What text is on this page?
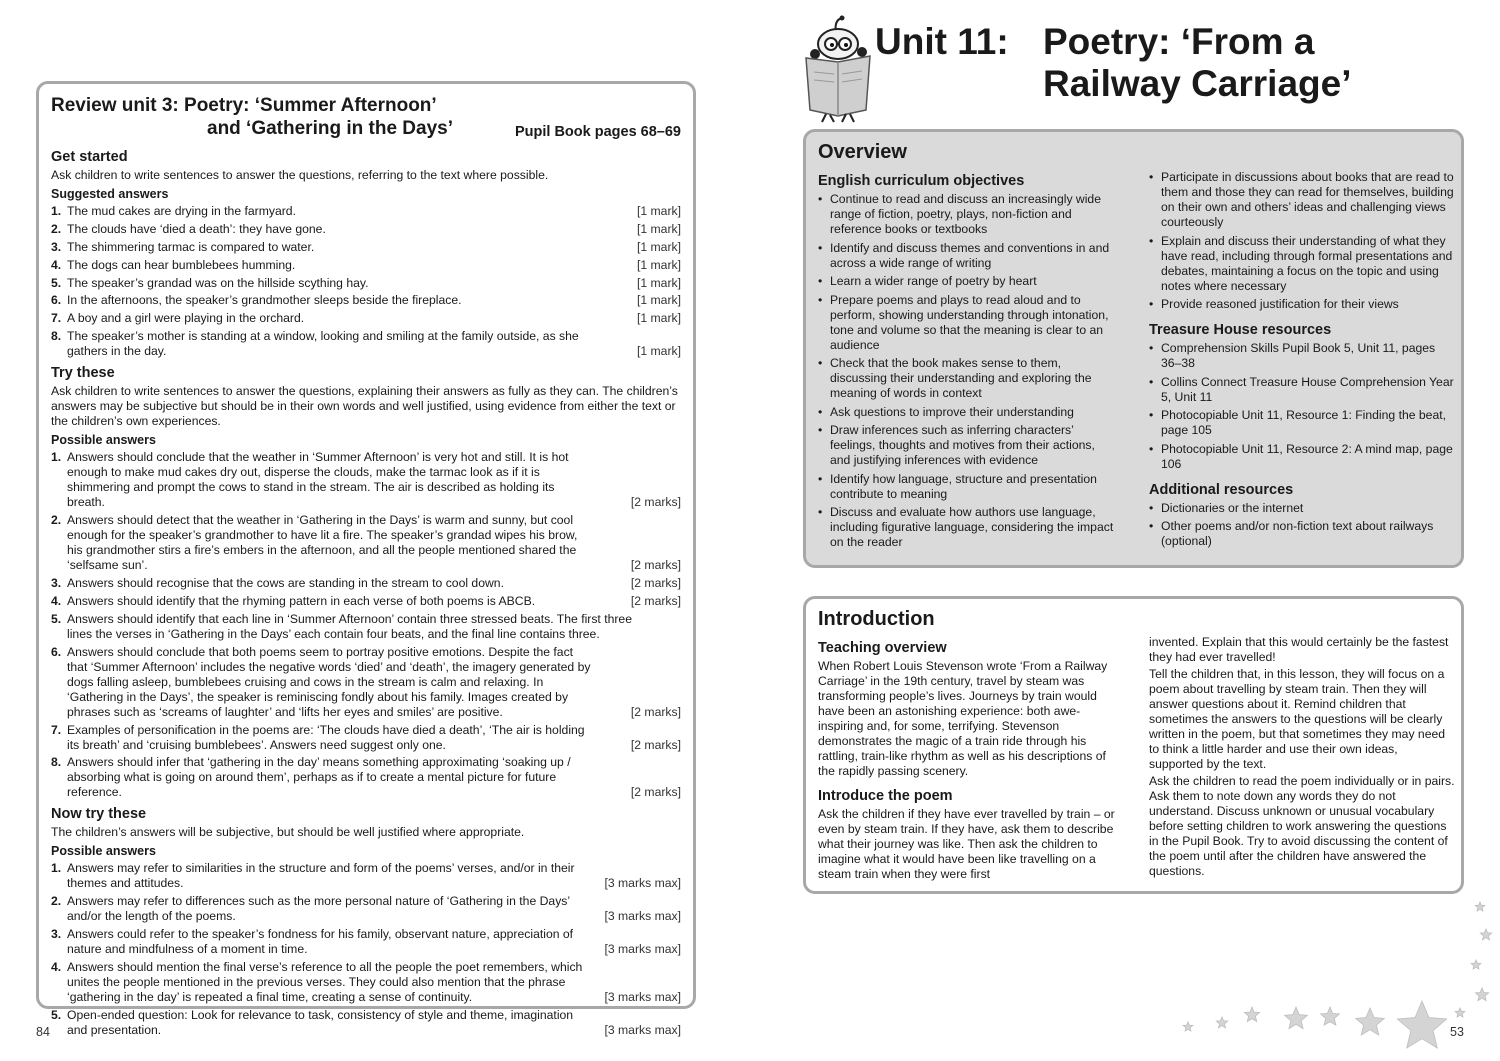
Review unit 3: Poetry: ‘Summer Afternoon’
and ‘Gathering in the Days’	Pupil Book pages 68–69
Get started

Ask children to write sentences to answer the questions, referring to the text where possible.

Suggested answers
1. The mud cakes are drying in the farmyard.	[1 mark]
2. The clouds have ‘died a death’: they have gone.	[1 mark]
3. The shimmering tarmac is compared to water.	[1 mark]
4. The dogs can hear bumblebees humming.	[1 mark]
5. The speaker’s grandad was on the hillside scything hay.	[1 mark]
6. In the afternoons, the speaker’s grandmother sleeps beside the fireplace.	[1 mark]
7. A boy and a girl were playing in the orchard.	[1 mark]
8. The speaker’s mother is standing at a window, looking and smiling at the family outside, as she gathers in the day.	[1 mark]
Try these

Ask children to write sentences to answer the questions, explaining their answers as fully as they can. The children’s answers may be subjective but should be in their own words and well justified, using evidence from either the text or the children’s own experiences.

Possible answers
1. Answers should conclude that the weather in ‘Summer Afternoon’ is very hot and still. It is hot enough to make mud cakes dry out, disperse the clouds, make the tarmac look as if it is shimmering and prompt the cows to stand in the stream. The air is described as holding its breath.	[2 marks]
2. Answers should detect that the weather in ‘Gathering in the Days’ is warm and sunny, but cool enough for the speaker’s grandmother to have lit a fire. The speaker’s grandad wipes his brow, his grandmother stirs a fire’s embers in the afternoon, and all the people mentioned shared the ‘selfsame sun’.	[2 marks]
3. Answers should recognise that the cows are standing in the stream to cool down.	[2 marks]
4. Answers should identify that the rhyming pattern in each verse of both poems is ABCB.	[2 marks]
5. Answers should identify that each line in ‘Summer Afternoon’ contain three stressed beats. The first three lines the verses in ‘Gathering in the Days’ each contain four beats, and the final line contains three.
6. Answers should conclude that both poems seem to portray positive emotions. Despite the fact that ‘Summer Afternoon’ includes the negative words ‘died’ and ‘death’, the imagery generated by dogs falling asleep, bumblebees cruising and cows in the stream is calm and relaxing. In ‘Gathering in the Days’, the speaker is reminiscing fondly about his family. Images created by phrases such as ‘screams of laughter’ and ‘lifts her eyes and smiles’ are positive.	[2 marks]
7. Examples of personification in the poems are: ‘The clouds have died a death’, ‘The air is holding its breath’ and ‘cruising bumblebees’. Answers need suggest only one.	[2 marks]
8. Answers should infer that ‘gathering in the day’ means something approximating ‘soaking up / absorbing what is going on around them’, perhaps as if to create a mental picture for future reference.	[2 marks]
Now try these

The children’s answers will be subjective, but should be well justified where appropriate.

Possible answers
1. Answers may refer to similarities in the structure and form of the poems’ verses, and/or in their themes and attitudes.	[3 marks max]
2. Answers may refer to differences such as the more personal nature of ‘Gathering in the Days’ and/or the length of the poems.	[3 marks max]
3. Answers could refer to the speaker’s fondness for his family, observant nature, appreciation of nature and mindfulness of a moment in time.	[3 marks max]
4. Answers should mention the final verse’s reference to all the people the poet remembers, which unites the people mentioned in the previous verses. They could also mention that the phrase ‘gathering in the day’ is repeated a final time, creating a sense of continuity.	[3 marks max]
5. Open-ended question: Look for relevance to task, consistency of style and theme, imagination and presentation.	[3 marks max]
84
Unit 11: Poetry: ‘From a
Railway Carriage’
Overview
English curriculum objectives
• Continue to read and discuss an increasingly wide range of fiction, poetry, plays, non-fiction and reference books or textbooks
• Identify and discuss themes and conventions in and across a wide range of writing
• Learn a wider range of poetry by heart
• Prepare poems and plays to read aloud and to perform, showing understanding through intonation, tone and volume so that the meaning is clear to an audience
• Check that the book makes sense to them, discussing their understanding and exploring the meaning of words in context
• Ask questions to improve their understanding
• Draw inferences such as inferring characters’ feelings, thoughts and motives from their actions, and justifying inferences with evidence
• Identify how language, structure and presentation contribute to meaning
• Discuss and evaluate how authors use language, including figurative language, considering the impact on the reader
• Participate in discussions about books that are read to them and those they can read for themselves, building on their own and others’ ideas and challenging views courteously
• Explain and discuss their understanding of what they have read, including through formal presentations and debates, maintaining a focus on the topic and using notes where necessary
• Provide reasoned justification for their views
Treasure House resources
• Comprehension Skills Pupil Book 5, Unit 11, pages 36–38
• Collins Connect Treasure House Comprehension Year 5, Unit 11
• Photocopiable Unit 11, Resource 1: Finding the beat, page 105
• Photocopiable Unit 11, Resource 2: A mind map, page 106
Additional resources
• Dictionaries or the internet
• Other poems and/or non-fiction text about railways (optional)
Introduction
Teaching overview

When Robert Louis Stevenson wrote ‘From a Railway Carriage’ in the 19th century, travel by steam was transforming people’s lives. Journeys by train would have been an astonishing experience: both awe-inspiring and, for some, terrifying. Stevenson demonstrates the magic of a train ride through his rattling, train-like rhythm as well as his descriptions of the rapidly passing scenery.

Introduce the poem

Ask the children if they have ever travelled by train – or even by steam train. If they have, ask them to describe what their journey was like. Then ask the children to imagine what it would have been like travelling on a steam train when they were first

invented. Explain that this would certainly be the fastest they had ever travelled!

Tell the children that, in this lesson, they will focus on a poem about travelling by steam train. Then they will answer questions about it. Remind children that sometimes the answers to the questions will be clearly written in the poem, but that sometimes they may need to think a little harder and use their own ideas, supported by the text.

Ask the children to read the poem individually or in pairs. Ask them to note down any words they do not understand. Discuss unknown or unusual vocabulary before setting children to work answering the questions in the Pupil Book. Try to avoid discussing the content of the poem until after the children have answered the questions.

53
